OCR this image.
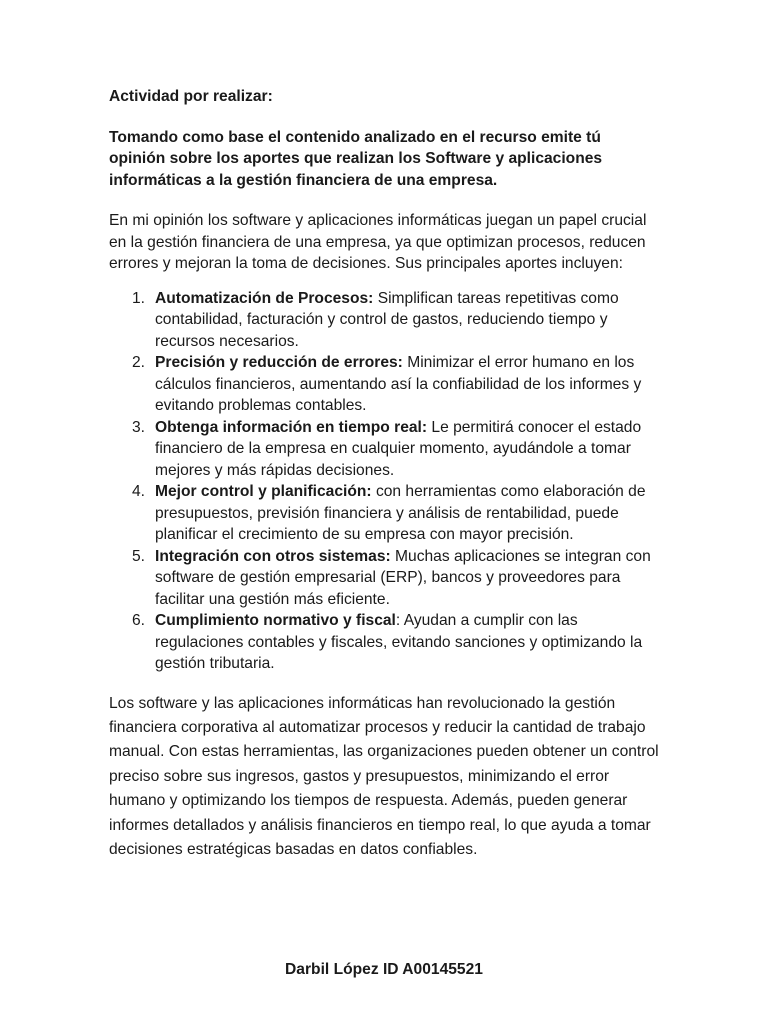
Actividad por realizar:

Tomando como base el contenido analizado en el recurso emite tú opinión sobre los aportes que realizan los Software y aplicaciones informáticas a la gestión financiera de una empresa.

En mi opinión los software y aplicaciones informáticas juegan un papel crucial en la gestión financiera de una empresa, ya que optimizan procesos, reducen errores y mejoran la toma de decisiones. Sus principales aportes incluyen:

1. Automatización de Procesos: Simplifican tareas repetitivas como contabilidad, facturación y control de gastos, reduciendo tiempo y recursos necesarios.
2. Precisión y reducción de errores: Minimizar el error humano en los cálculos financieros, aumentando así la confiabilidad de los informes y evitando problemas contables.
3. Obtenga información en tiempo real: Le permitirá conocer el estado financiero de la empresa en cualquier momento, ayudándole a tomar mejores y más rápidas decisiones.
4. Mejor control y planificación: con herramientas como elaboración de presupuestos, previsión financiera y análisis de rentabilidad, puede planificar el crecimiento de su empresa con mayor precisión.
5. Integración con otros sistemas: Muchas aplicaciones se integran con software de gestión empresarial (ERP), bancos y proveedores para facilitar una gestión más eficiente.
6. Cumplimiento normativo y fiscal: Ayudan a cumplir con las regulaciones contables y fiscales, evitando sanciones y optimizando la gestión tributaria.

Los software y las aplicaciones informáticas han revolucionado la gestión financiera corporativa al automatizar procesos y reducir la cantidad de trabajo manual. Con estas herramientas, las organizaciones pueden obtener un control preciso sobre sus ingresos, gastos y presupuestos, minimizando el error humano y optimizando los tiempos de respuesta. Además, pueden generar informes detallados y análisis financieros en tiempo real, lo que ayuda a tomar decisiones estratégicas basadas en datos confiables.

Darbil López ID A00145521
